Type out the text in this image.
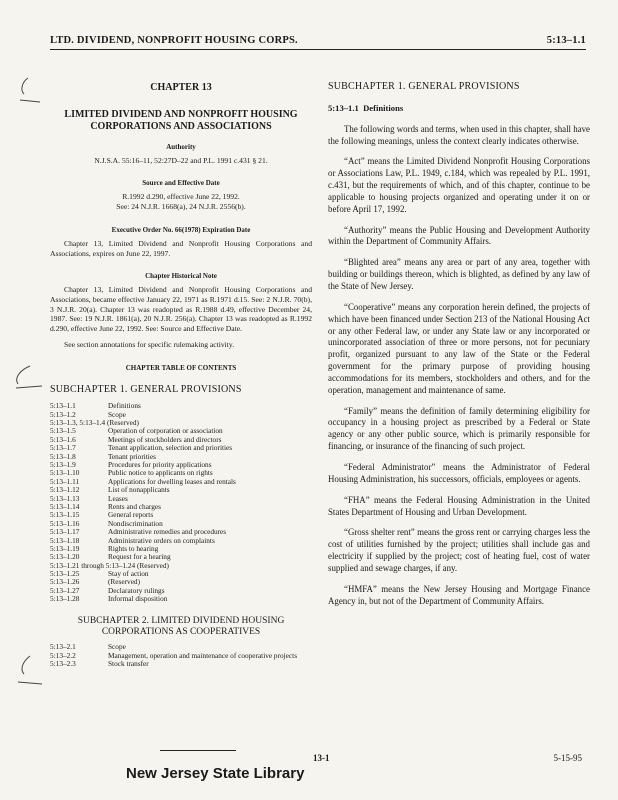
LTD. DIVIDEND, NONPROFIT HOUSING CORPS.	5:13–1.1
CHAPTER 13
LIMITED DIVIDEND AND NONPROFIT HOUSING CORPORATIONS AND ASSOCIATIONS
Authority
N.J.S.A. 55:16–11, 52:27D–22 and P.L. 1991 c.431 § 21.
Source and Effective Date
R.1992 d.290, effective June 22, 1992.
See: 24 N.J.R. 1668(a), 24 N.J.R. 2556(b).
Executive Order No. 66(1978) Expiration Date
Chapter 13, Limited Dividend and Nonprofit Housing Corporations and Associations, expires on June 22, 1997.
Chapter Historical Note
Chapter 13, Limited Dividend and Nonprofit Housing Corporations and Associations, became effective January 22, 1971 as R.1971 d.15. See: 2 N.J.R. 70(b), 3 N.J.R. 20(a). Chapter 13 was readopted as R.1988 d.49, effective December 24, 1987. See: 19 N.J.R. 1861(a), 20 N.J.R. 256(a). Chapter 13 was readopted as R.1992 d.290, effective June 22, 1992. See: Source and Effective Date.
See section annotations for specific rulemaking activity.
CHAPTER TABLE OF CONTENTS
SUBCHAPTER 1. GENERAL PROVISIONS
5:13–1.1	Definitions
5:13–1.2	Scope
5:13–1.3, 5:13–1.4 (Reserved)	
5:13–1.5	Operation of corporation or association
5:13–1.6	Meetings of stockholders and directors
5:13–1.7	Tenant application, selection and priorities
5:13–1.8	Tenant priorities
5:13–1.9	Procedures for priority applications
5:13–1.10	Public notice to applicants on rights
5:13–1.11	Applications for dwelling leases and rentals
5:13–1.12	List of nonapplicants
5:13–1.13	Leases
5:13–1.14	Rents and charges
5:13–1.15	General reports
5:13–1.16	Nondiscrimination
5:13–1.17	Administrative remedies and procedures
5:13–1.18	Administrative orders on complaints
5:13–1.19	Rights to hearing
5:13–1.20	Request for a hearing
5:13–1.21 through 5:13–1.24 (Reserved)	
5:13–1.25	Stay of action
5:13–1.26	(Reserved)
5:13–1.27	Declaratory rulings
5:13–1.28	Informal disposition
SUBCHAPTER 2. LIMITED DIVIDEND HOUSING
CORPORATIONS AS COOPERATIVES
5:13–2.1	Scope
5:13–2.2	Management, operation and maintenance of cooperative projects
5:13–2.3	Stock transfer
SUBCHAPTER 1. GENERAL PROVISIONS
5:13–1.1 Definitions
The following words and terms, when used in this chapter, shall have the following meanings, unless the context clearly indicates otherwise.
“Act” means the Limited Dividend Nonprofit Housing Corporations or Associations Law, P.L. 1949, c.184, which was repealed by P.L. 1991, c.431, but the requirements of which, and of this chapter, continue to be applicable to housing projects organized and operating under it on or before April 17, 1992.
“Authority” means the Public Housing and Development Authority within the Department of Community Affairs.
“Blighted area” means any area or part of any area, together with building or buildings thereon, which is blighted, as defined by any law of the State of New Jersey.
“Cooperative” means any corporation herein defined, the projects of which have been financed under Section 213 of the National Housing Act or any other Federal law, or under any State law or any incorporated or unincorporated association of three or more persons, not for pecuniary profit, organized pursuant to any law of the State or the Federal government for the primary purpose of providing housing accommodations for its members, stockholders and others, and for the operation, management and maintenance of same.
“Family” means the definition of family determining eligibility for occupancy in a housing project as prescribed by a Federal or State agency or any other public source, which is primarily responsible for financing, or insurance of the financing of such project.
“Federal Administrator” means the Administrator of Federal Housing Administration, his successors, officials, employees or agents.
“FHA” means the Federal Housing Administration in the United States Department of Housing and Urban Development.
“Gross shelter rent” means the gross rent or carrying charges less the cost of utilities furnished by the project; utilities shall include gas and electricity if supplied by the project; cost of heating fuel, cost of water supplied and sewage charges, if any.
“HMFA” means the New Jersey Housing and Mortgage Finance Agency in, but not of the Department of Community Affairs.
13-1	5-15-95
New Jersey State Library
